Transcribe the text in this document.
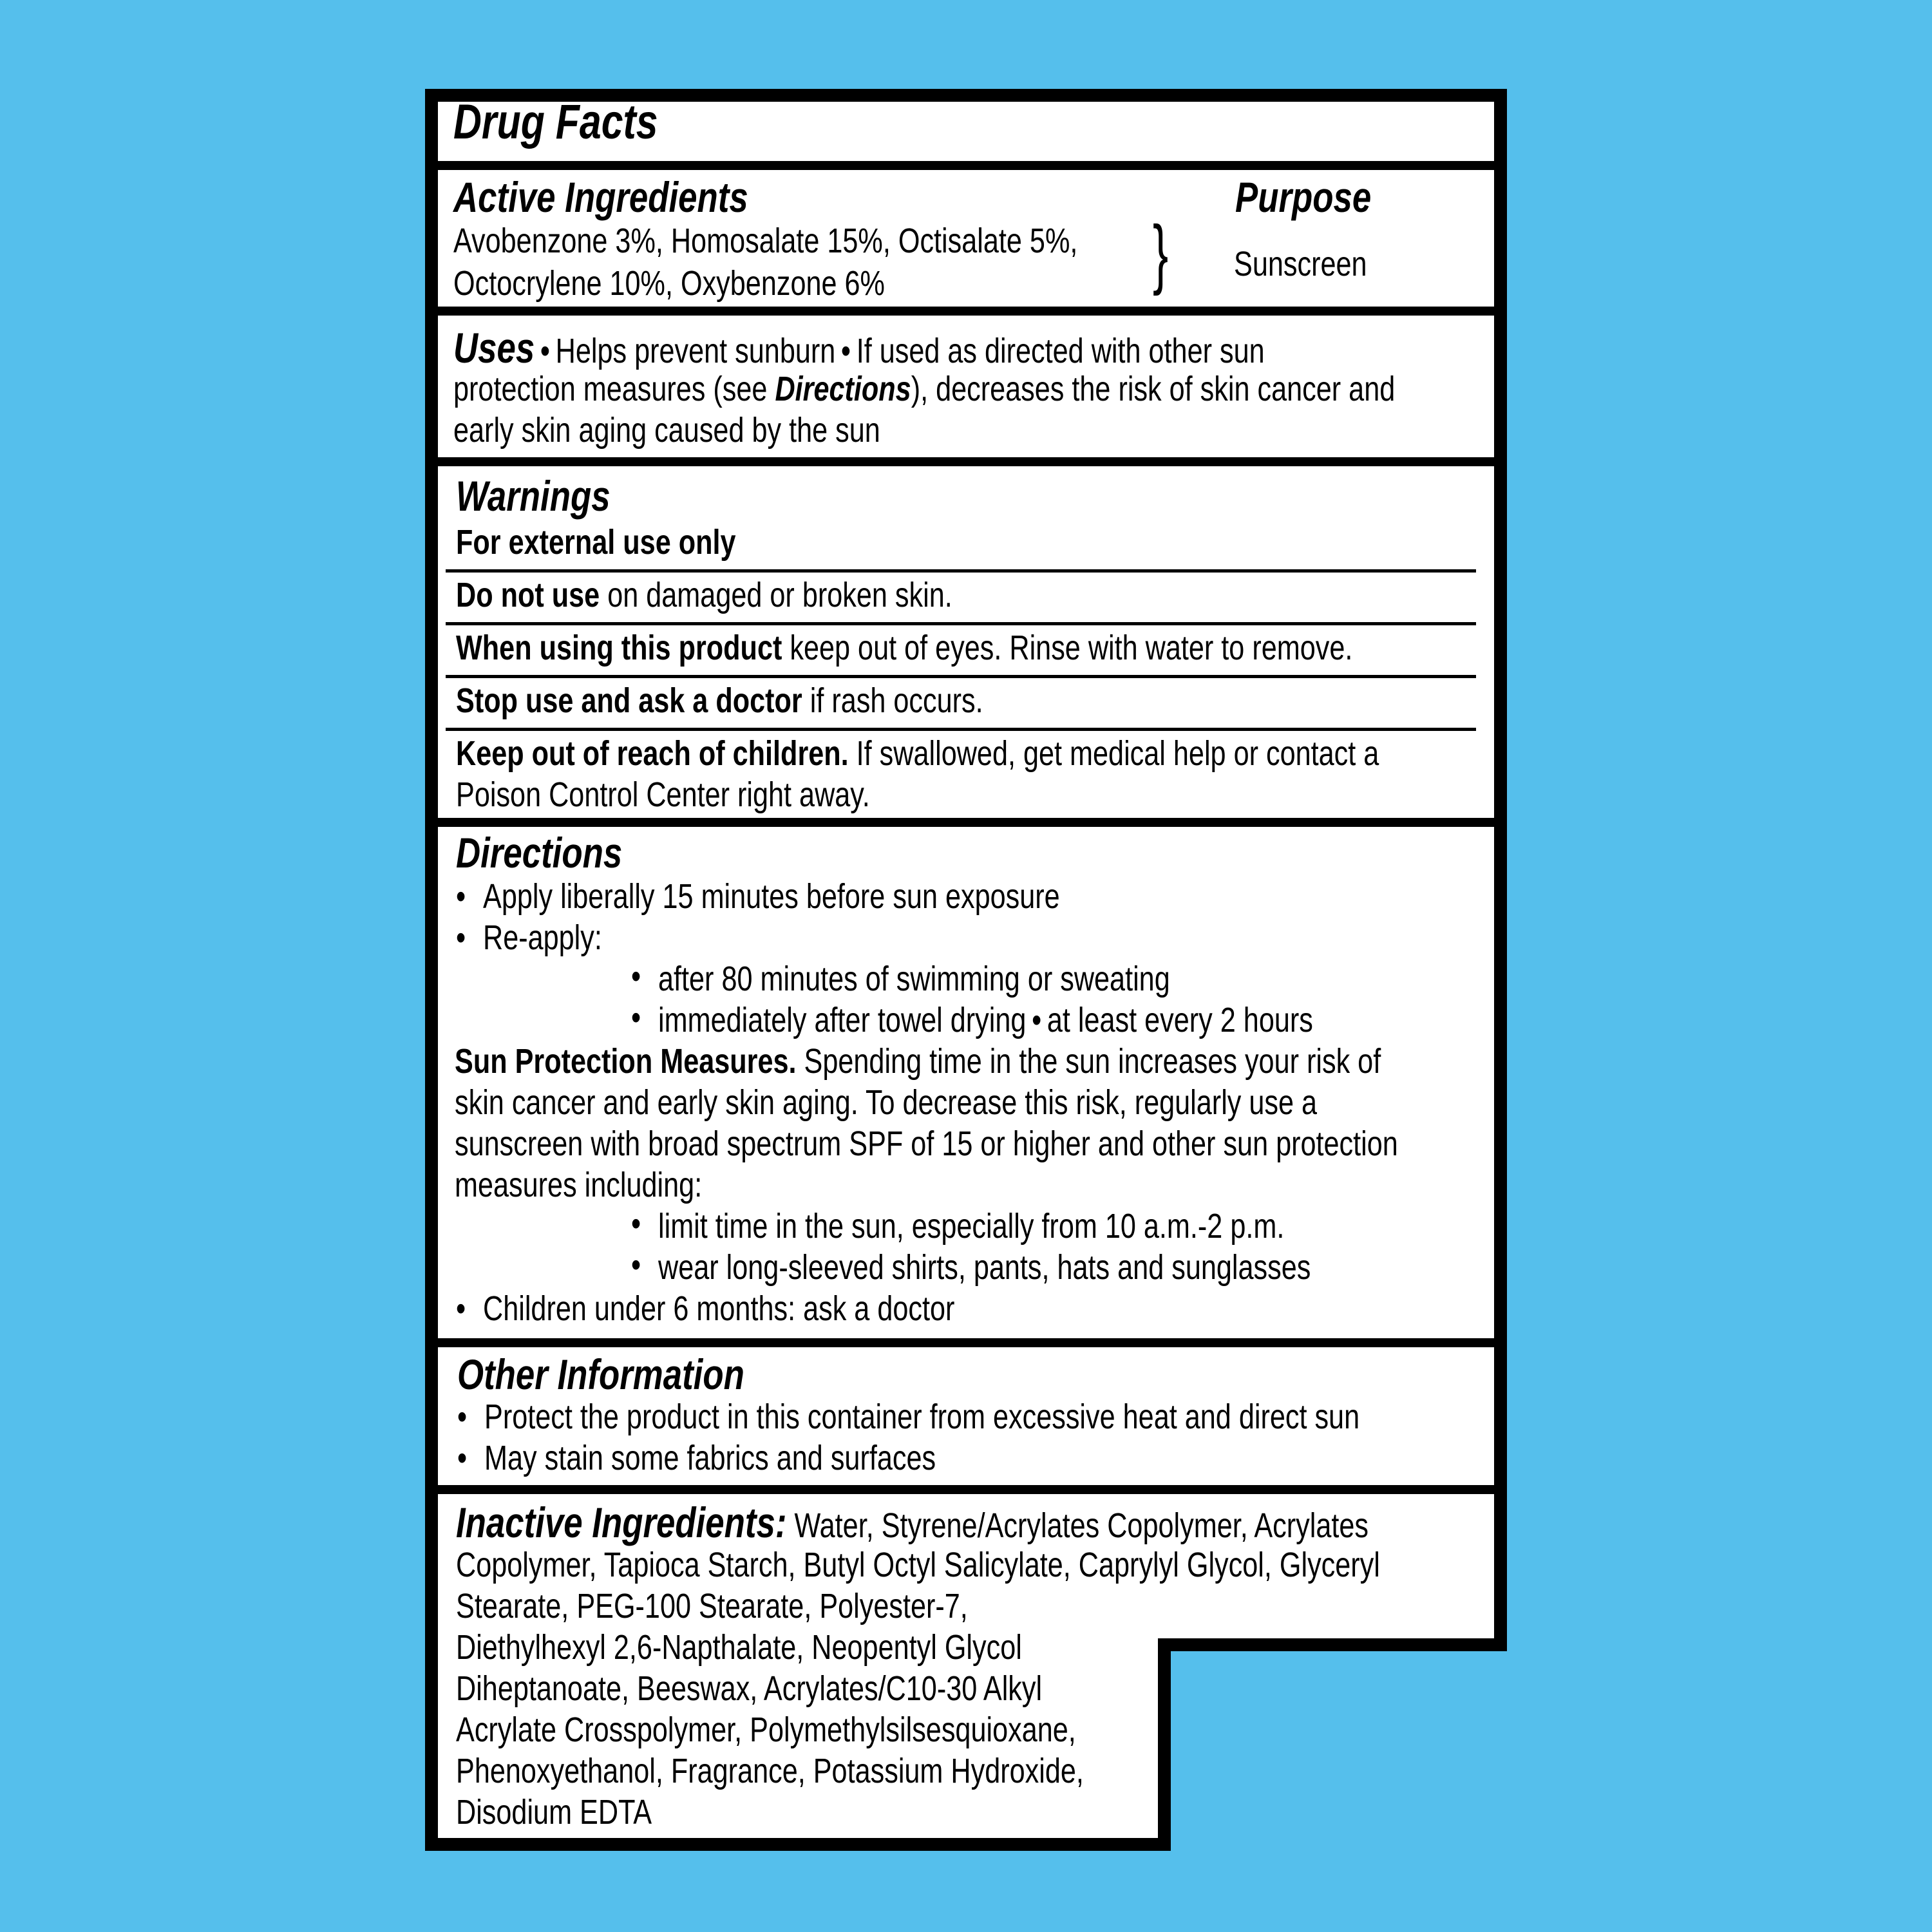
Drug Facts
Active Ingredients
Avobenzone 3%, Homosalate 15%, Octisalate 5%,
Octocrylene 10%, Oxybenzone 6%	}
Purpose
Sunscreen
Uses • Helps prevent sunburn • If used as directed with other sun
protection measures (see Directions), decreases the risk of skin cancer and
early skin aging caused by the sun
Warnings
For external use only
Do not use on damaged or broken skin.
When using this product keep out of eyes. Rinse with water to remove.
Stop use and ask a doctor if rash occurs.
Keep out of reach of children. If swallowed, get medical help or contact a
Poison Control Center right away.
Directions
• Apply liberally 15 minutes before sun exposure
• Re-apply:
• after 80 minutes of swimming or sweating
• immediately after towel drying • at least every 2 hours
Sun Protection Measures. Spending time in the sun increases your risk of
skin cancer and early skin aging. To decrease this risk, regularly use a
sunscreen with broad spectrum SPF of 15 or higher and other sun protection
measures including:
• limit time in the sun, especially from 10 a.m.-2 p.m.
• wear long-sleeved shirts, pants, hats and sunglasses
• Children under 6 months: ask a doctor
Other Information
• Protect the product in this container from excessive heat and direct sun
• May stain some fabrics and surfaces
Inactive Ingredients: Water, Styrene/Acrylates Copolymer, Acrylates
Copolymer, Tapioca Starch, Butyl Octyl Salicylate, Caprylyl Glycol, Glyceryl
Stearate, PEG-100 Stearate, Polyester-7,
Diethylhexyl 2,6-Napthalate, Neopentyl Glycol
Diheptanoate, Beeswax, Acrylates/C10-30 Alkyl
Acrylate Crosspolymer, Polymethylsilsesquioxane,
Phenoxyethanol, Fragrance, Potassium Hydroxide,
Disodium EDTA
